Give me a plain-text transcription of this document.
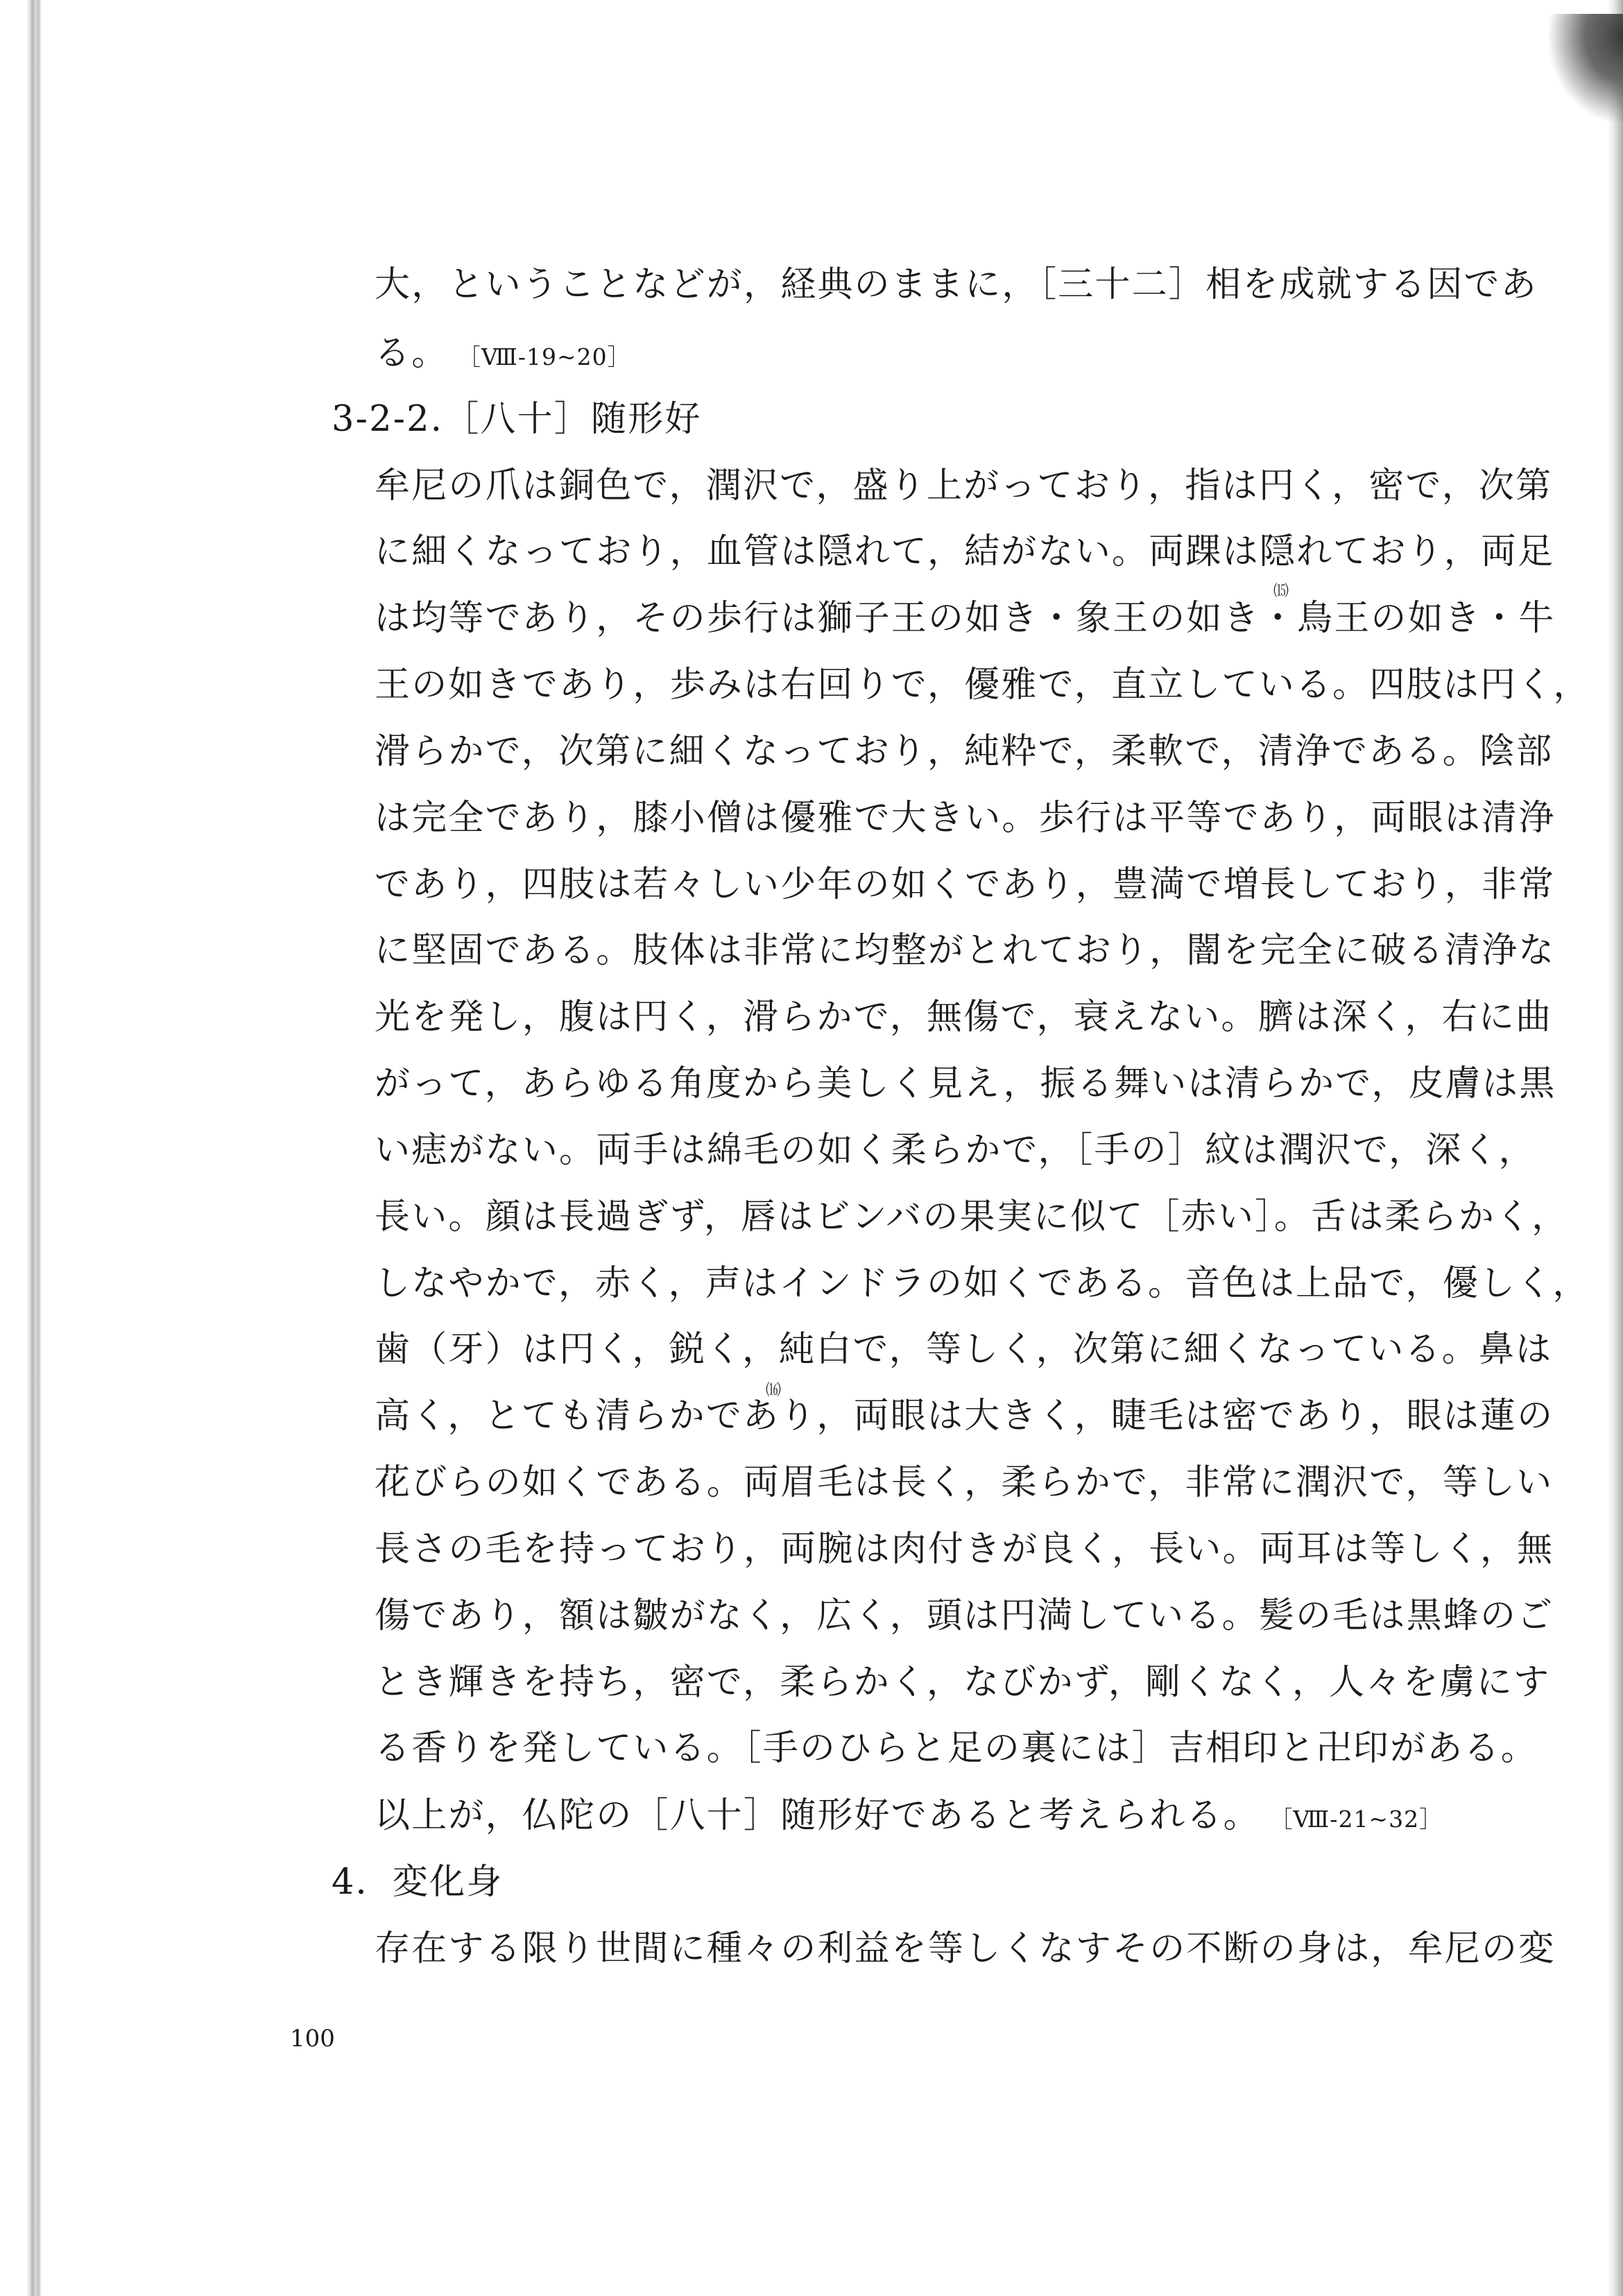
大，ということなどが，経典のままに，［三十二］相を成就する因であ
る。 ［Ⅷ-19~20］
3-2-2.［八十］随形好
牟尼の爪は銅色で，潤沢で，盛り上がっており，指は円く，密で，次第
に細くなっており，血管は隠れて，結がない。両踝は隠れており，両足
は均等であり，その歩行は獅子王の如き・象王の如き・鳥王の如き・牛
王の如きであり，歩みは右回りで，優雅で，直立している。四肢は円く，
滑らかで，次第に細くなっており，純粋で，柔軟で，清浄である。陰部
は完全であり，膝小僧は優雅で大きい。歩行は平等であり，両眼は清浄
であり，四肢は若々しい少年の如くであり，豊満で増長しており，非常
に堅固である。肢体は非常に均整がとれており，闇を完全に破る清浄な
光を発し，腹は円く，滑らかで，無傷で，衰えない。臍は深く，右に曲
がって，あらゆる角度から美しく見え，振る舞いは清らかで，皮膚は黒
い痣がない。両手は綿毛の如く柔らかで，［手の］紋は潤沢で，深く，
長い。顔は長過ぎず，唇はビンバの果実に似て［赤い］。舌は柔らかく，
しなやかで，赤く，声はインドラの如くである。音色は上品で，優しく，
歯（牙）は円く，鋭く，純白で，等しく，次第に細くなっている。鼻は
高く，とても清らかであり，両眼は大きく，睫毛は密であり，眼は蓮の
花びらの如くである。両眉毛は長く，柔らかで，非常に潤沢で，等しい
長さの毛を持っており，両腕は肉付きが良く，長い。両耳は等しく，無
傷であり，額は皺がなく，広く，頭は円満している。髪の毛は黒蜂のご
とき輝きを持ち，密で，柔らかく，なびかず，剛くなく，人々を虜にす
る香りを発している。［手のひらと足の裏には］吉相印と卍印がある。
以上が，仏陀の［八十］随形好であると考えられる。 ［Ⅷ-21~32］
4．変化身
存在する限り世間に種々の利益を等しくなすその不断の身は，牟尼の変
⒂
⒃
100
